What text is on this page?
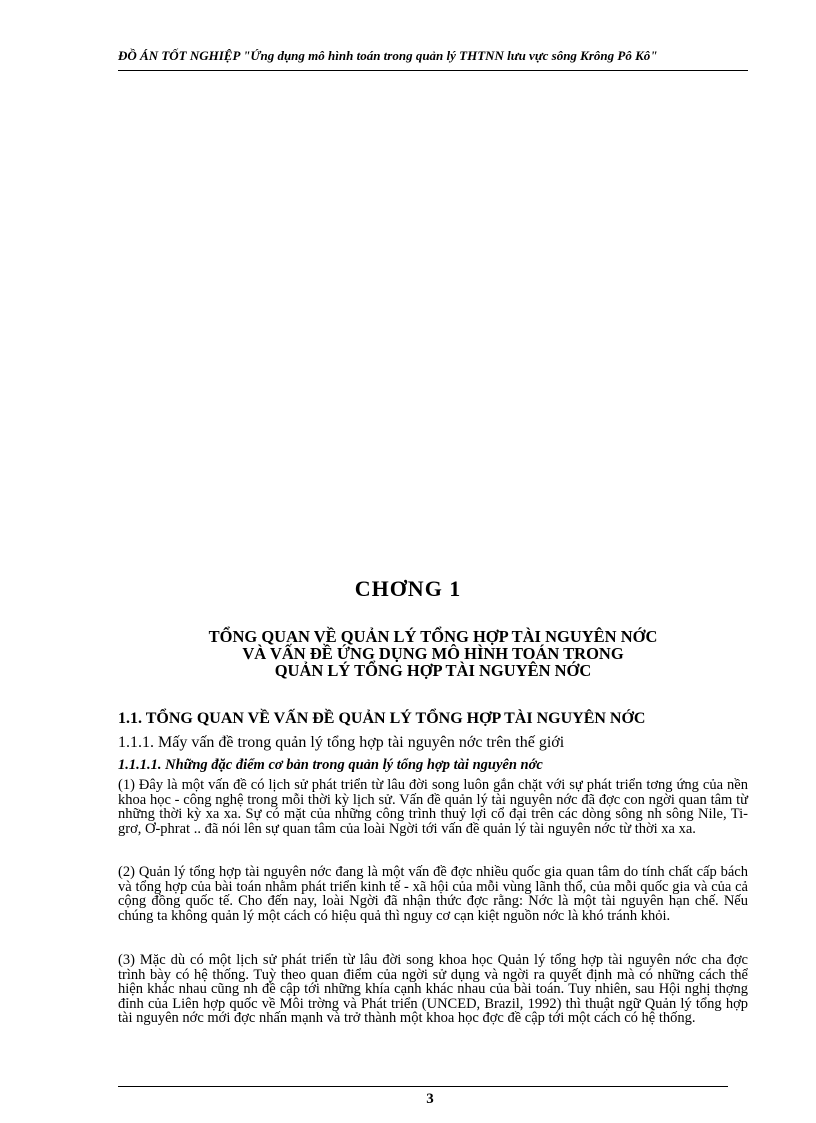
ĐỒ ÁN TỐT NGHIỆP "Ứng dụng mô hình toán trong quản lý THTNN lưu vực sông Krông Pô Kô"
CHƠNG 1
TỔNG QUAN VỀ QUẢN LÝ TỔNG HỢP TÀI NGUYÊN NỚC
VÀ VẤN ĐỀ ỨNG DỤNG MÔ HÌNH TOÁN TRONG
QUẢN LÝ TỔNG HỢP TÀI NGUYÊN NỚC
1.1. TỔNG QUAN VỀ VẤN ĐỀ QUẢN LÝ TỔNG HỢP TÀI NGUYÊN NỚC
1.1.1. Mấy vấn đề trong quản lý tổng hợp tài nguyên nớc trên thế giới
1.1.1.1. Những đặc điểm cơ bản trong quản lý tổng hợp tài nguyên nớc
(1) Đây là một vấn đề có lịch sử phát triển từ lâu đời song luôn gắn chặt với sự phát triển tơng ứng của nền khoa học - công nghệ trong mỗi thời kỳ lịch sử. Vấn đề quản lý tài nguyên nớc đã đợc con ngời quan tâm từ những thời kỳ xa xa. Sự có mặt của những công trình thuỷ lợi cổ đại trên các dòng sông nh sông Nile, Ti-grơ, Ơ-phrat .. đã nói lên sự quan tâm của loài Ngời tới vấn đề quản lý tài nguyên nớc từ thời xa xa.
(2) Quản lý tổng hợp tài nguyên nớc đang là một vấn đề đợc nhiều quốc gia quan tâm do tính chất cấp bách và tổng hợp của bài toán nhằm phát triển kinh tế - xã hội của mỗi vùng lãnh thổ, của mỗi quốc gia và của cả cộng đồng quốc tế. Cho đến nay, loài Ngời đã nhận thức đợc rằng: Nớc là một tài nguyên hạn chế. Nếu chúng ta không quản lý một cách có hiệu quả thì nguy cơ cạn kiệt nguồn nớc là khó tránh khỏi.
(3) Mặc dù có một lịch sử phát triển từ lâu đời song khoa học Quản lý tổng hợp tài nguyên nớc cha đợc trình bày có hệ thống. Tuỳ theo quan điểm của ngời sử dụng và ngời ra quyết định mà có những cách thể hiện khác nhau cũng nh đề cập tới những khía cạnh khác nhau của bài toán. Tuy nhiên, sau Hội nghị thợng đỉnh của Liên hợp quốc về Môi trờng và Phát triển (UNCED, Brazil, 1992) thì thuật ngữ Quản lý tổng hợp tài nguyên nớc mới đợc nhấn mạnh và trở thành một khoa học đợc đề cập tới một cách có hệ thống.
3
